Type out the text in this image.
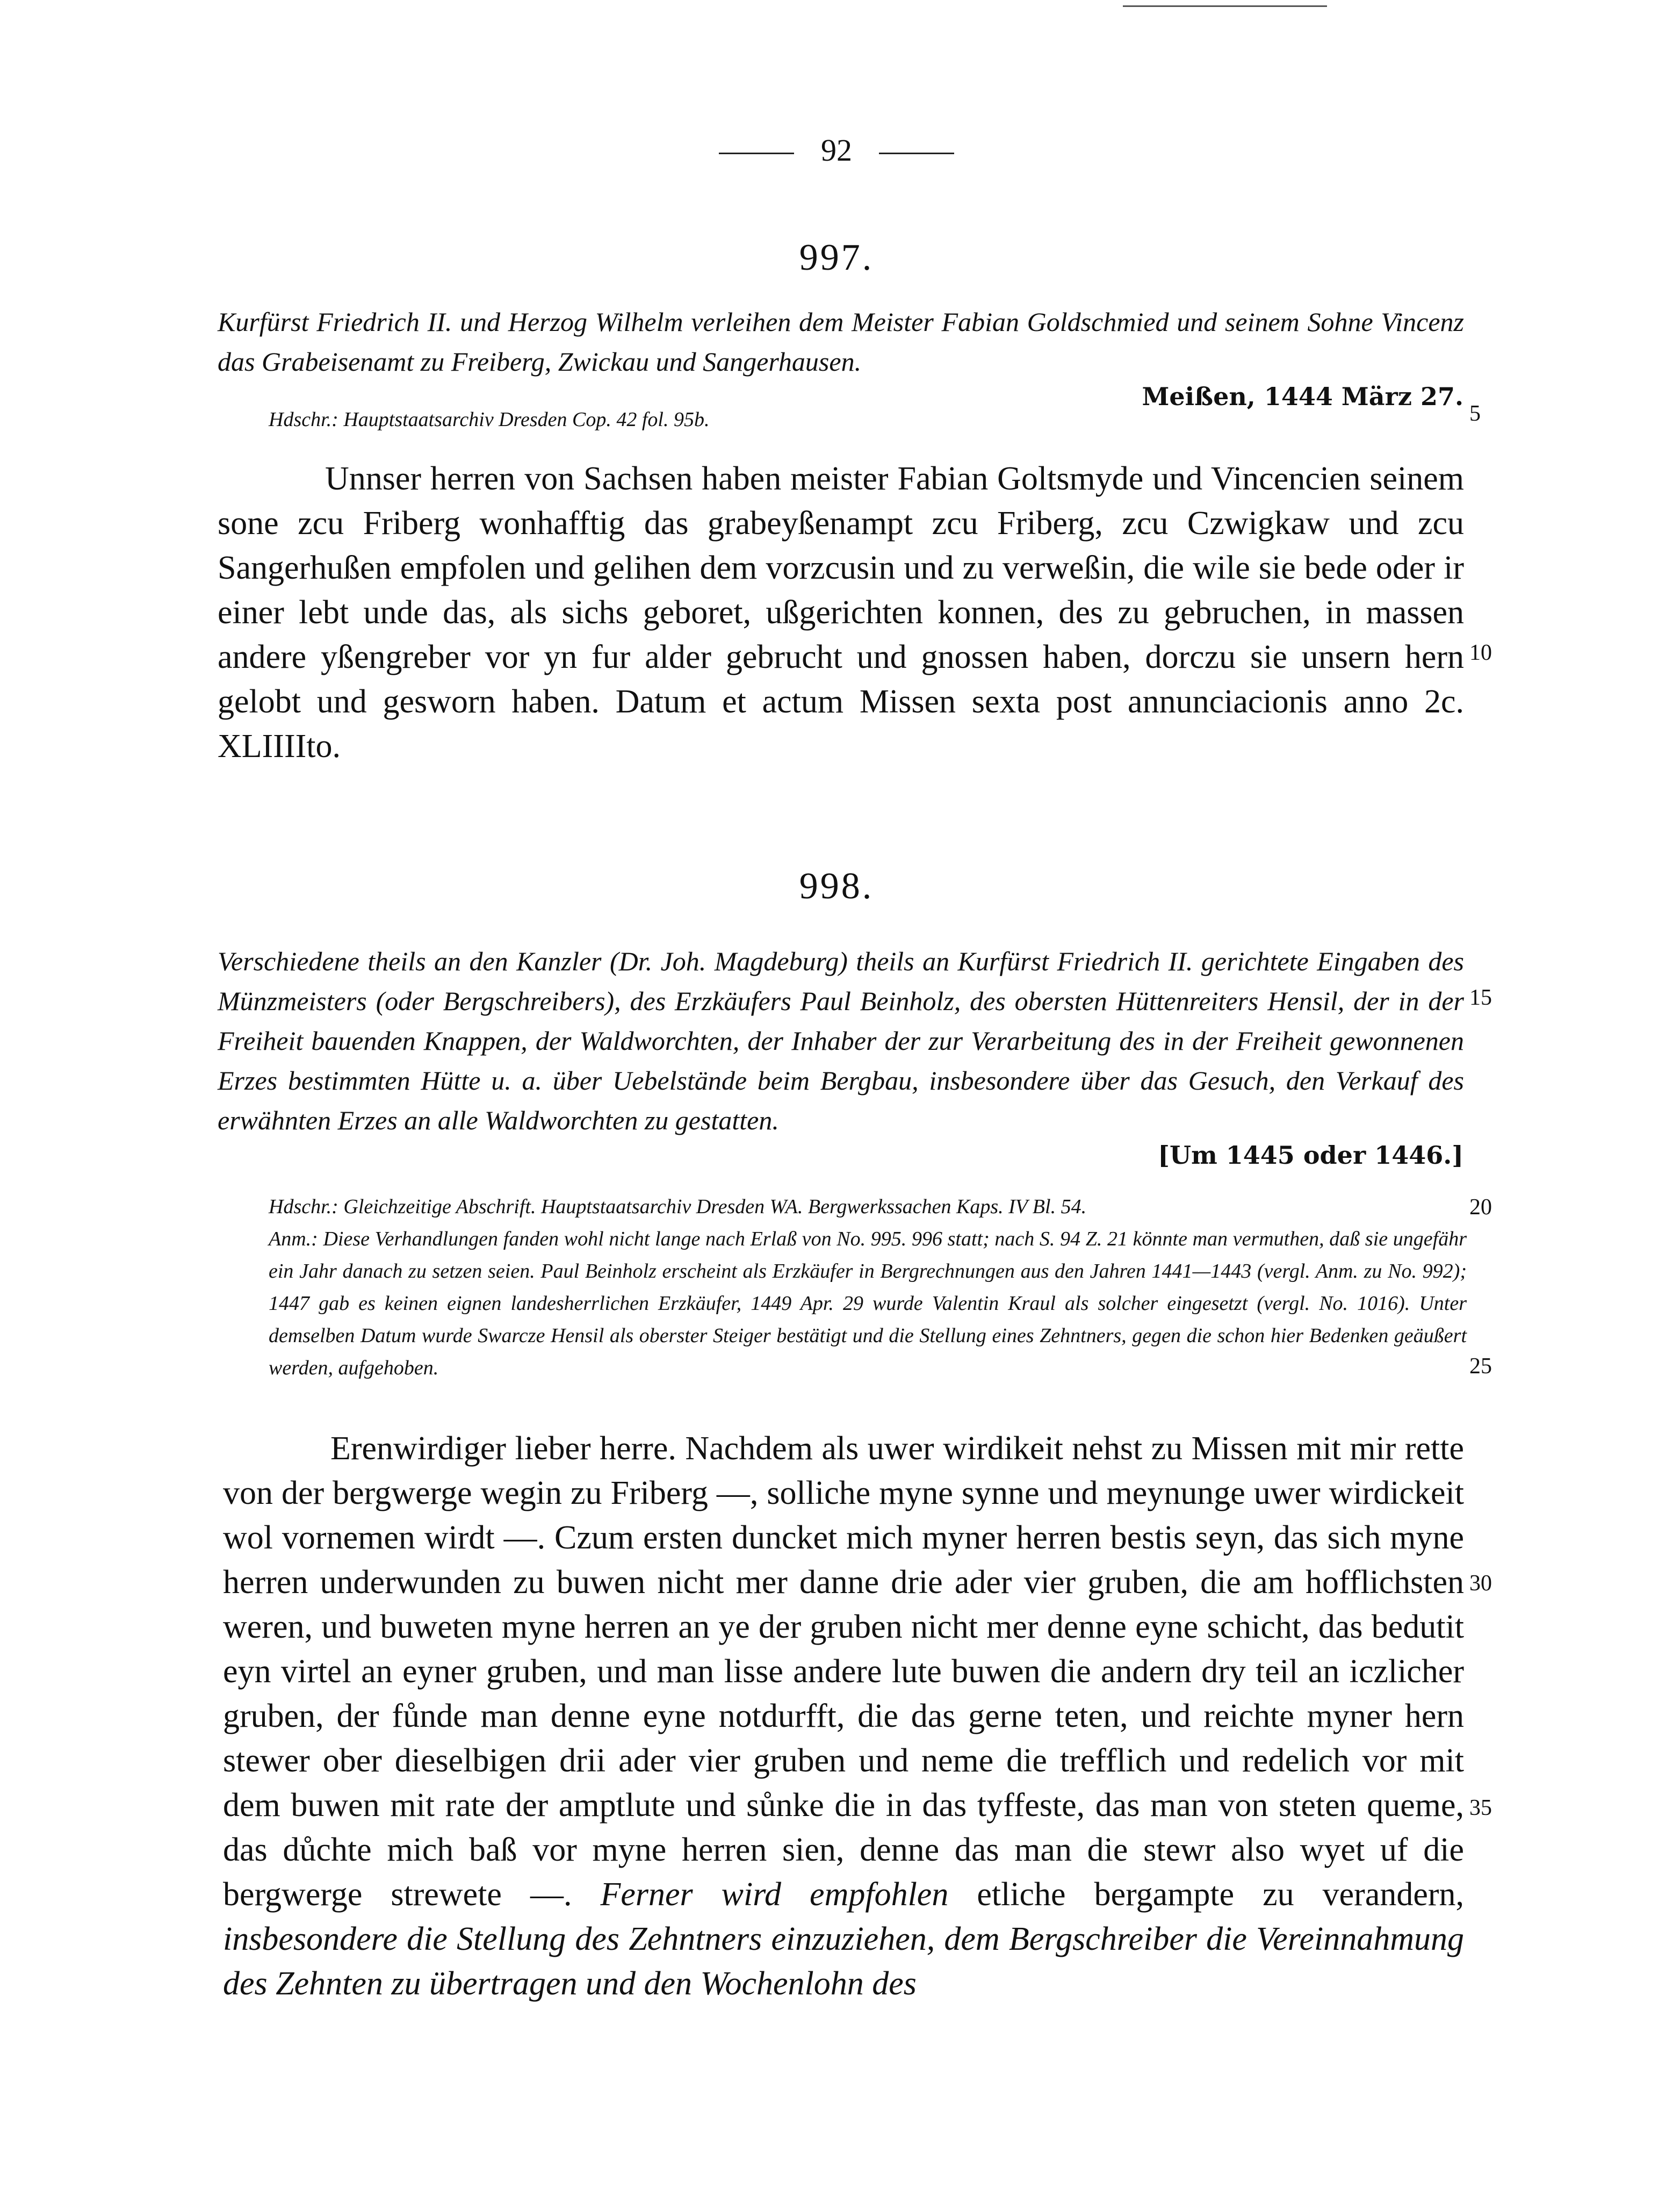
92
997.
Kurfürst Friedrich II. und Herzog Wilhelm verleihen dem Meister Fabian Goldschmied und seinem Sohne Vincenz das Grabeisenamt zu Freiberg, Zwickau und Sangerhausen.
Meißen, 1444 März 27.
Hdschr.: Hauptstaatsarchiv Dresden Cop. 42 fol. 95b.
Unnser herren von Sachsen haben meister Fabian Goltsmyde und Vincencien seinem sone zcu Friberg wonhafftig das grabeyßenampt zcu Friberg, zcu Czwigkaw und zcu Sangerhußen empfolen und gelihen dem vorzcusin und zu verweßin, die wile sie bede oder ir einer lebt unde das, als sichs geboret, ußgerichten konnen, des zu gebruchen, in massen andere yßengreber vor yn fur alder gebrucht und gnossen haben, dorczu sie unsern hern gelobt und gesworn haben. Datum et actum Missen sexta post annunciacionis anno 2c. XLIIIIto.
998.
Verschiedene theils an den Kanzler (Dr. Joh. Magdeburg) theils an Kurfürst Friedrich II. gerichtete Eingaben des Münzmeisters (oder Bergschreibers), des Erzkäufers Paul Beinholz, des obersten Hüttenreiters Hensil, der in der Freiheit bauenden Knappen, der Waldworchten, der Inhaber der zur Verarbeitung des in der Freiheit gewonnenen Erzes bestimmten Hütte u. a. über Uebelstände beim Bergbau, insbesondere über das Gesuch, den Verkauf des erwähnten Erzes an alle Waldworchten zu gestatten.
[Um 1445 oder 1446.]
Hdschr.: Gleichzeitige Abschrift. Hauptstaatsarchiv Dresden WA. Bergwerkssachen Kaps. IV Bl. 54.
Anm.: Diese Verhandlungen fanden wohl nicht lange nach Erlaß von No. 995. 996 statt; nach S. 94 Z. 21 könnte man vermuthen, daß sie ungefähr ein Jahr danach zu setzen seien. Paul Beinholz erscheint als Erzkäufer in Bergrechnungen aus den Jahren 1441—1443 (vergl. Anm. zu No. 992); 1447 gab es keinen eignen landesherrlichen Erzkäufer, 1449 Apr. 29 wurde Valentin Kraul als solcher eingesetzt (vergl. No. 1016). Unter demselben Datum wurde Swarcze Hensil als oberster Steiger bestätigt und die Stellung eines Zehntners, gegen die schon hier Bedenken geäußert werden, aufgehoben.
Erenwirdiger lieber herre. Nachdem als uwer wirdikeit nehst zu Missen mit mir rette von der bergwerge wegin zu Friberg —, solliche myne synne und meynunge uwer wirdickeit wol vornemen wirdt —. Czum ersten duncket mich myner herren bestis seyn, das sich myne herren underwunden zu buwen nicht mer danne drie ader vier gruben, die am hofflichsten weren, und buweten myne herren an ye der gruben nicht mer denne eyne schicht, das bedutit eyn virtel an eyner gruben, und man lisse andere lute buwen die andern dry teil an iczlicher gruben, der fůnde man denne eyne notdurfft, die das gerne teten, und reichte myner hern stewer ober dieselbigen drii ader vier gruben und neme die trefflich und redelich vor mit dem buwen mit rate der amptlute und sůnke die in das tyffeste, das man von steten queme, das důchte mich baß vor myne herren sien, denne das man die stewr also wyet uf die bergwerge strewete —. Ferner wird empfohlen etliche bergampte zu verandern, insbesondere die Stellung des Zehntners einzuziehen, dem Bergschreiber die Vereinnahmung des Zehnten zu übertragen und den Wochenlohn des
5
10
15
20
25
30
35
